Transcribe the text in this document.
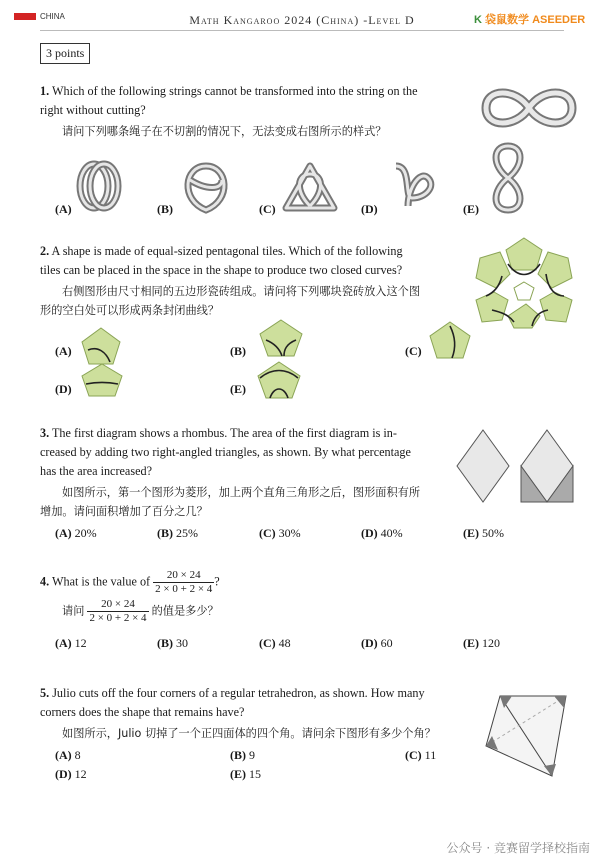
CHINA	Math Kangaroo 2024 (China) -Level D	K 袋鼠数学 ASEEDER
3 points
1. Which of the following strings cannot be transformed into the string on the
right without cutting?
请问下列哪条绳子在不切割的情况下，无法变成右图所示的样式？
(A)	(B)	(C)	(D)	(E)
2. A shape is made of equal-sized pentagonal tiles. Which of the following
tiles can be placed in the space in the shape to produce two closed curves?
右侧图形由尺寸相同的五边形瓷砖组成。请问将下列哪块瓷砖放入这个图
形的空白处可以形成两条封闭曲线？
(A)	(B)	(C)
(D)	(E)
3. The first diagram shows a rhombus. The area of the first diagram is in-
creased by adding two right-angled triangles, as shown. By what percentage
has the area increased?
如图所示，第一个图形为菱形，加上两个直角三角形之后，图形面积有所
增加。请问面积增加了百分之几？
(A) 20%	(B) 25%	(C) 30%	(D) 40%	(E) 50%
4. What is the value of $\frac{20 \times 24}{2 \times 0 + 2 \times 4}$ ?
请问 $\frac{20 \times 24}{2 \times 0 + 2 \times 4}$ 的值是多少？
(A) 12	(B) 30	(C) 48	(D) 60	(E) 120
5. Julio cuts off the four corners of a regular tetrahedron, as shown. How many
corners does the shape that remains have?
如图所示，Julio 切掉了一个正四面体的四个角。请问余下图形有多少个角？
(A) 8	(B) 9	(C) 11
(D) 12	(E) 15
公众号 · 竞赛留学择校指南
